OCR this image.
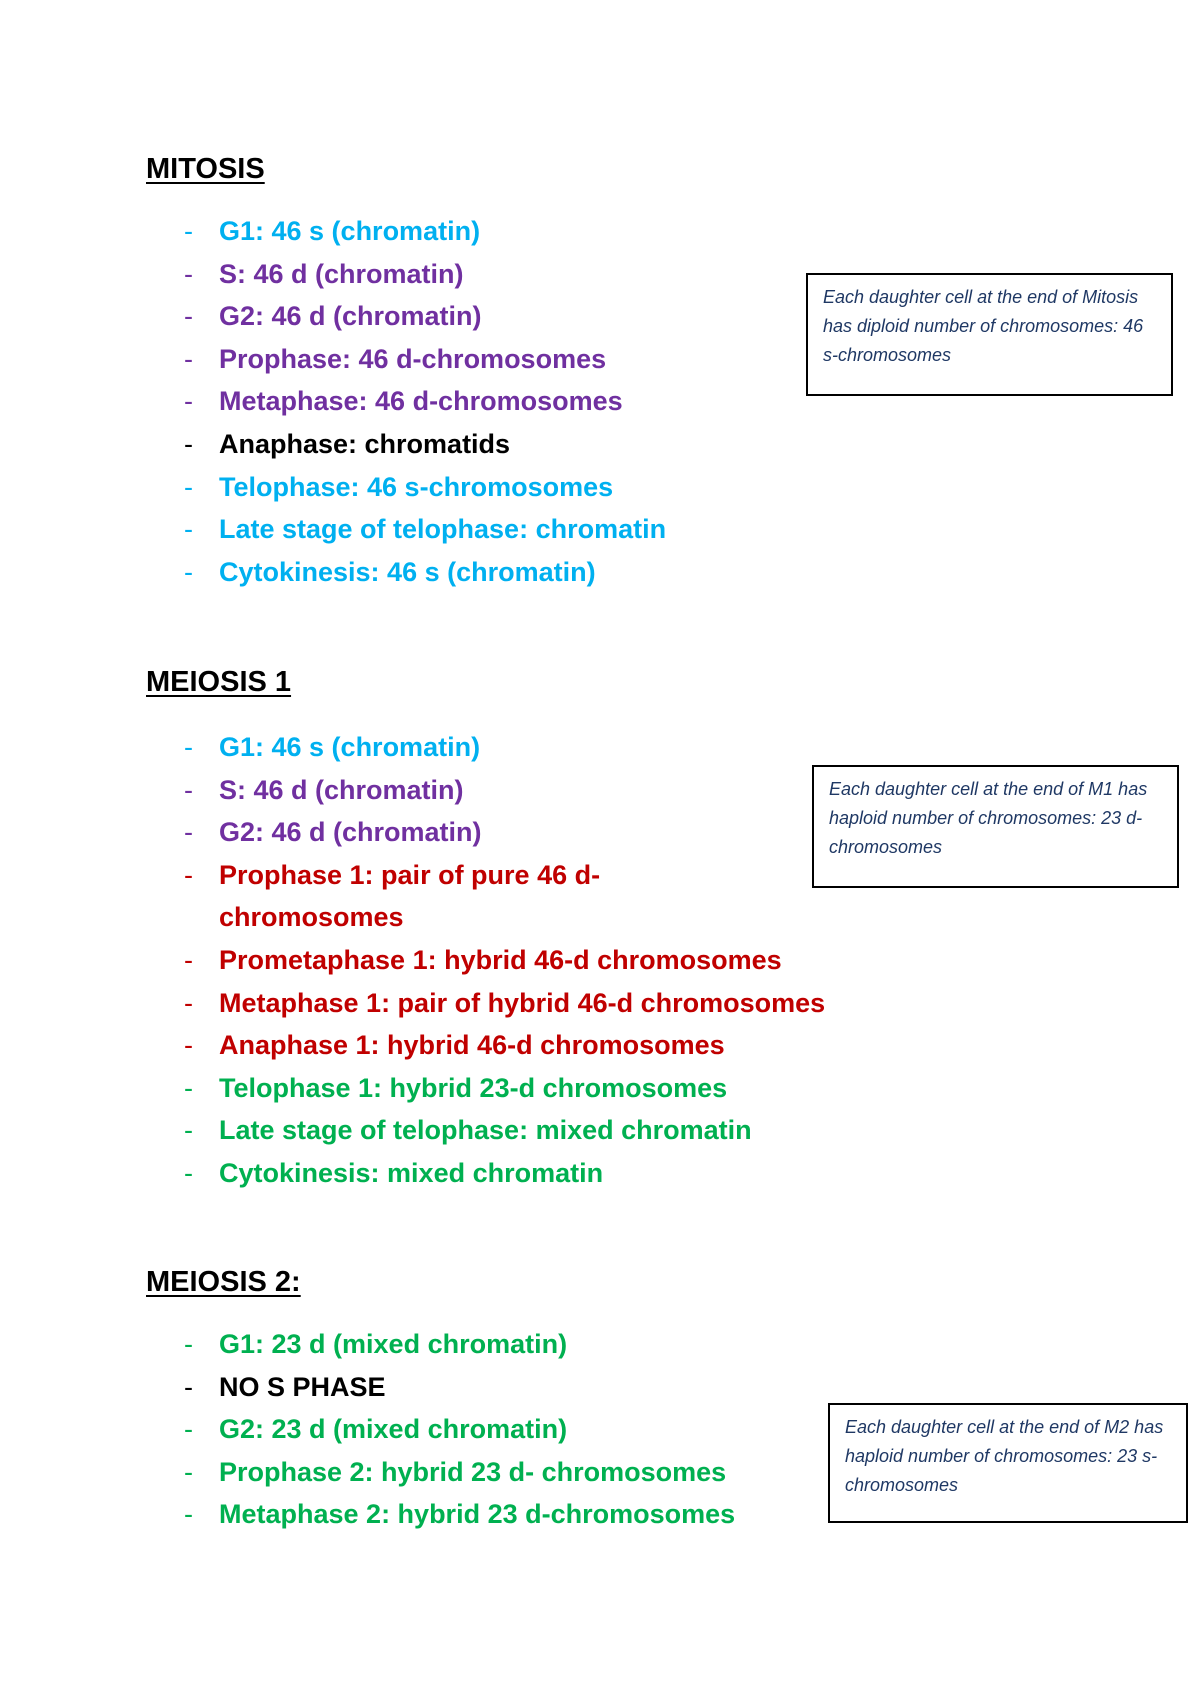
MITOSIS
- G1: 46 s (chromatin)
- S: 46 d (chromatin)
- G2: 46 d (chromatin)
- Prophase: 46 d-chromosomes
- Metaphase: 46 d-chromosomes
- Anaphase: chromatids
- Telophase: 46 s-chromosomes
- Late stage of telophase: chromatin
- Cytokinesis: 46 s (chromatin)
Each daughter cell at the end of Mitosis has diploid number of chromosomes: 46 s-chromosomes
MEIOSIS 1
- G1: 46 s (chromatin)
- S: 46 d (chromatin)
- G2: 46 d (chromatin)
- Prophase 1: pair of pure 46 d-chromosomes
- Prometaphase 1: hybrid 46-d chromosomes
- Metaphase 1: pair of hybrid 46-d chromosomes
- Anaphase 1: hybrid 46-d chromosomes
- Telophase 1: hybrid 23-d chromosomes
- Late stage of telophase: mixed chromatin
- Cytokinesis: mixed chromatin
Each daughter cell at the end of M1 has haploid number of chromosomes: 23 d-chromosomes
MEIOSIS 2:
- G1: 23 d (mixed chromatin)
- NO S PHASE
- G2: 23 d (mixed chromatin)
- Prophase 2: hybrid 23 d- chromosomes
- Metaphase 2: hybrid 23 d-chromosomes
Each daughter cell at the end of M2 has haploid number of chromosomes: 23 s-chromosomes
